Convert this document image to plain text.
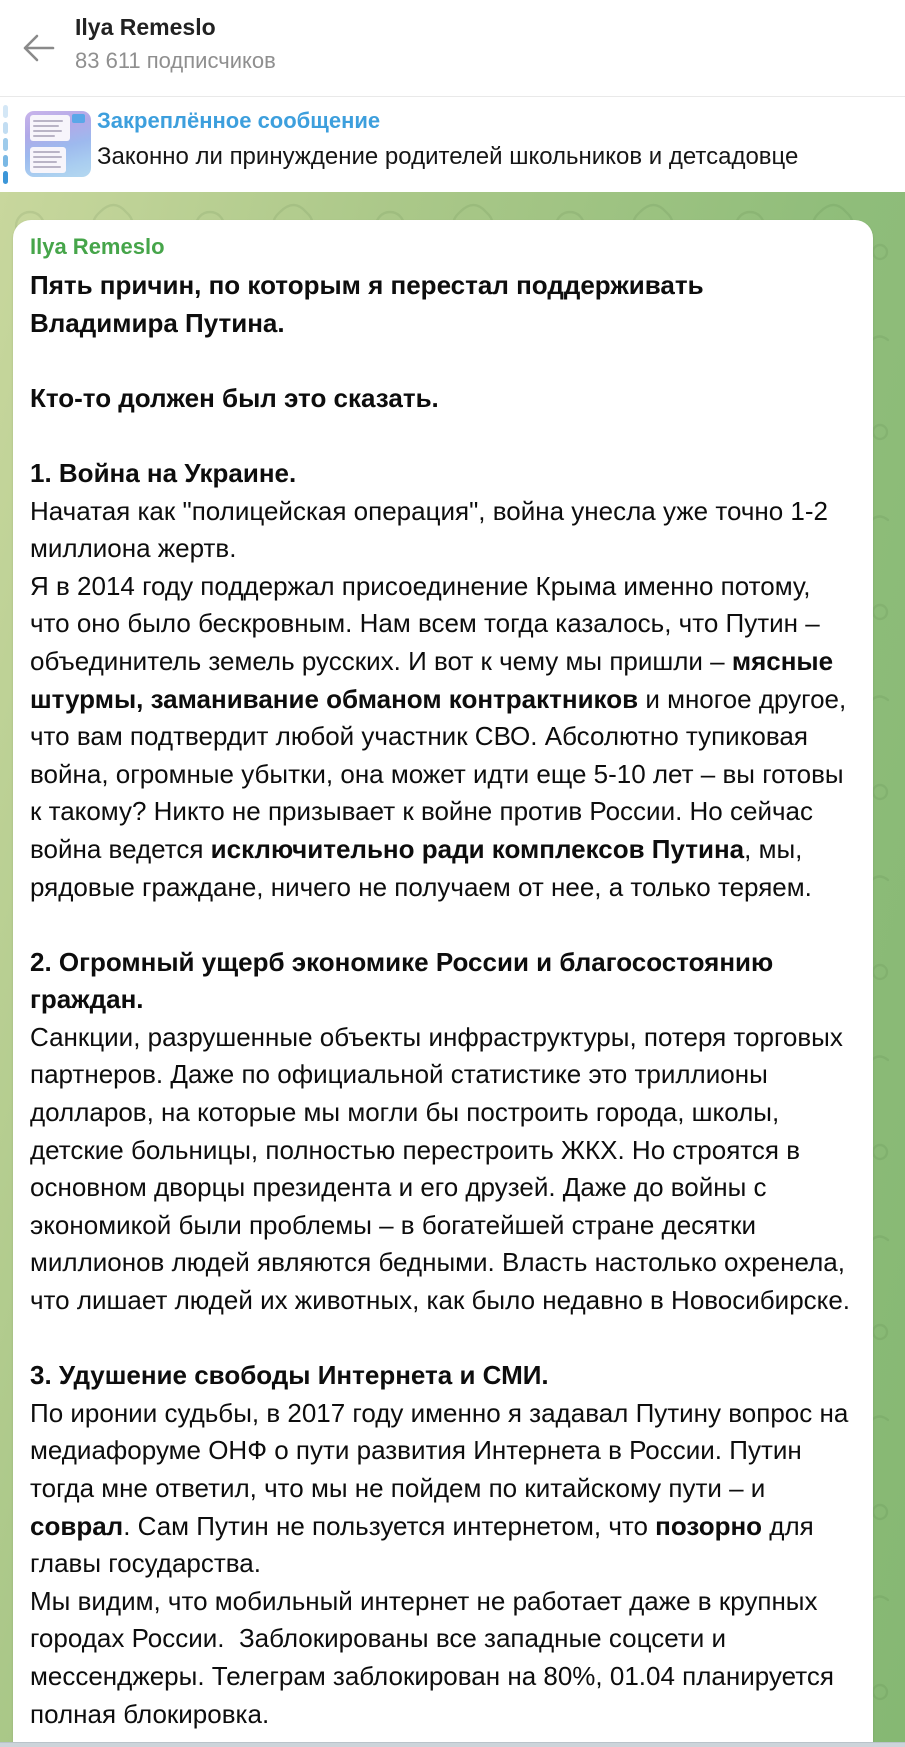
Ilya Remeslo
83 611 подписчиков
Закреплённое сообщение
Законно ли принуждение родителей школьников и детсадовце
Ilya Remeslo
Пять причин, по которым я перестал поддерживать Владимира Путина.

Кто-то должен был это сказать.

1. Война на Украине.
Начатая как "полицейская операция", война унесла уже точно 1-2 миллиона жертв.
Я в 2014 году поддержал присоединение Крыма именно потому, что оно было бескровным. Нам всем тогда казалось, что Путин – объединитель земель русских. И вот к чему мы пришли – мясные штурмы, заманивание обманом контрактников и многое другое, что вам подтвердит любой участник СВО. Абсолютно тупиковая война, огромные убытки, она может идти еще 5-10 лет – вы готовы к такому? Никто не призывает к войне против России. Но сейчас война ведется исключительно ради комплексов Путина, мы, рядовые граждане, ничего не получаем от нее, а только теряем.

2. Огромный ущерб экономике России и благосостоянию граждан.
Санкции, разрушенные объекты инфраструктуры, потеря торговых партнеров. Даже по официальной статистике это триллионы долларов, на которые мы могли бы построить города, школы, детские больницы, полностью перестроить ЖКХ. Но строятся в основном дворцы президента и его друзей. Даже до войны с экономикой были проблемы – в богатейшей стране десятки миллионов людей являются бедными. Власть настолько охренела, что лишает людей их животных, как было недавно в Новосибирске.

3. Удушение свободы Интернета и СМИ.
По иронии судьбы, в 2017 году именно я задавал Путину вопрос на медиафоруме ОНФ о пути развития Интернета в России. Путин тогда мне ответил, что мы не пойдем по китайскому пути – и соврал. Сам Путин не пользуется интернетом, что позорно для главы государства.
Мы видим, что мобильный интернет не работает даже в крупных городах России.  Заблокированы все западные соцсети и мессенджеры. Телеграм заблокирован на 80%, 01.04 планируется полная блокировка.
